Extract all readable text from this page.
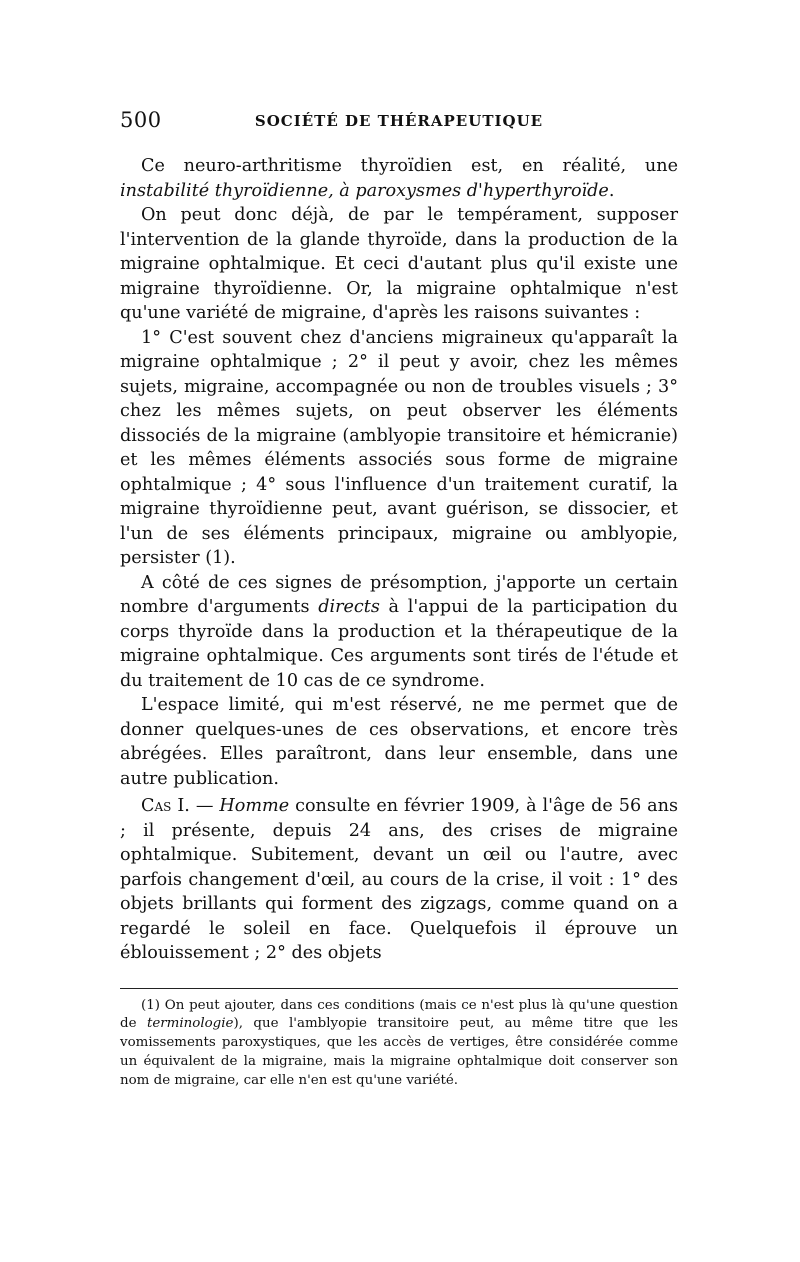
500	SOCIÉTÉ DE THÉRAPEUTIQUE

Ce neuro-arthritisme thyroïdien est, en réalité, une instabilité thyroïdienne, à paroxysmes d'hyperthyroïde.

On peut donc déjà, de par le tempérament, supposer l'intervention de la glande thyroïde, dans la production de la migraine ophtalmique. Et ceci d'autant plus qu'il existe une migraine thyroïdienne. Or, la migraine ophtalmique n'est qu'une variété de migraine, d'après les raisons suivantes :

1° C'est souvent chez d'anciens migraineux qu'apparaît la migraine ophtalmique ; 2° il peut y avoir, chez les mêmes sujets, migraine, accompagnée ou non de troubles visuels ; 3° chez les mêmes sujets, on peut observer les éléments dissociés de la migraine (amblyopie transitoire et hémicranie) et les mêmes éléments associés sous forme de migraine ophtalmique ; 4° sous l'influence d'un traitement curatif, la migraine thyroïdienne peut, avant guérison, se dissocier, et l'un de ses éléments principaux, migraine ou amblyopie, persister (1).

A côté de ces signes de présomption, j'apporte un certain nombre d'arguments directs à l'appui de la participation du corps thyroïde dans la production et la thérapeutique de la migraine ophtalmique. Ces arguments sont tirés de l'étude et du traitement de 10 cas de ce syndrome.

L'espace limité, qui m'est réservé, ne me permet que de donner quelques-unes de ces observations, et encore très abrégées. Elles paraîtront, dans leur ensemble, dans une autre publication.

Cas I. — Homme consulte en février 1909, à l'âge de 56 ans ; il présente, depuis 24 ans, des crises de migraine ophtalmique. Subitement, devant un œil ou l'autre, avec parfois changement d'œil, au cours de la crise, il voit : 1° des objets brillants qui forment des zigzags, comme quand on a regardé le soleil en face. Quelquefois il éprouve un éblouissement ; 2° des objets

(1) On peut ajouter, dans ces conditions (mais ce n'est plus là qu'une question de terminologie), que l'amblyopie transitoire peut, au même titre que les vomissements paroxystiques, que les accès de vertiges, être considérée comme un équivalent de la migraine, mais la migraine ophtalmique doit conserver son nom de migraine, car elle n'en est qu'une variété.
